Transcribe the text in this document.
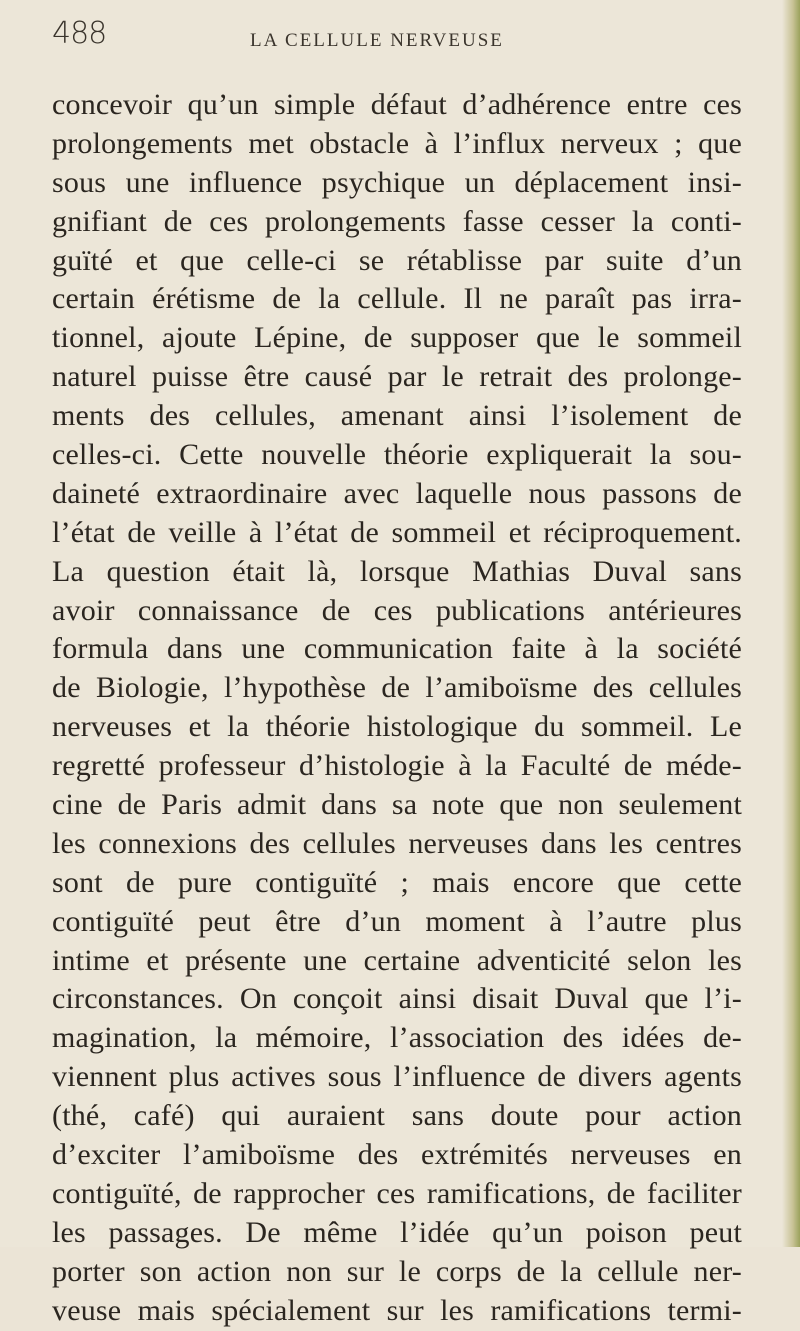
488	LA CELLULE NERVEUSE
concevoir qu’un simple défaut d’adhérence entre ces
prolongements met obstacle à l’influx nerveux ; que
sous une influence psychique un déplacement insi-
gnifiant de ces prolongements fasse cesser la conti-
guïté et que celle-ci se rétablisse par suite d’un
certain érétisme de la cellule. Il ne paraît pas irra-
tionnel, ajoute Lépine, de supposer que le sommeil
naturel puisse être causé par le retrait des prolonge-
ments des cellules, amenant ainsi l’isolement de
celles-ci. Cette nouvelle théorie expliquerait la sou-
daineté extraordinaire avec laquelle nous passons de
l’état de veille à l’état de sommeil et réciproquement.
La question était là, lorsque Mathias Duval sans
avoir connaissance de ces publications antérieures
formula dans une communication faite à la société
de Biologie, l’hypothèse de l’amiboïsme des cellules
nerveuses et la théorie histologique du sommeil. Le
regretté professeur d’histologie à la Faculté de méde-
cine de Paris admit dans sa note que non seulement
les connexions des cellules nerveuses dans les centres
sont de pure contiguïté ; mais encore que cette
contiguïté peut être d’un moment à l’autre plus
intime et présente une certaine adventicité selon les
circonstances. On conçoit ainsi disait Duval que l’i-
magination, la mémoire, l’association des idées de-
viennent plus actives sous l’influence de divers agents
(thé, café) qui auraient sans doute pour action
d’exciter l’amiboïsme des extrémités nerveuses en
contiguïté, de rapprocher ces ramifications, de faciliter
les passages. De même l’idée qu’un poison peut
porter son action non sur le corps de la cellule ner-
veuse mais spécialement sur les ramifications termi-
